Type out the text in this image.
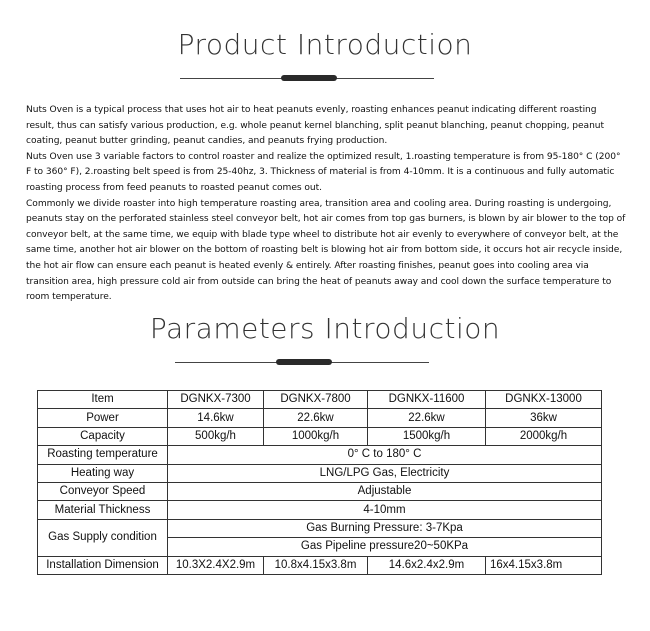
Product Introduction

Nuts Oven is a typical process that uses hot air to heat peanuts evenly, roasting enhances peanut indicating different roasting result, thus can satisfy various production, e.g. whole peanut kernel blanching, split peanut blanching, peanut chopping, peanut coating, peanut butter grinding, peanut candies, and peanuts frying production.

Nuts Oven use 3 variable factors to control roaster and realize the optimized result, 1.roasting temperature is from 95-180° C (200° F to 360° F), 2.roasting belt speed is from 25-40hz, 3. Thickness of material is from 4-10mm. It is a continuous and fully automatic roasting process from feed peanuts to roasted peanut comes out.

Commonly we divide roaster into high temperature roasting area, transition area and cooling area. During roasting is undergoing, peanuts stay on the perforated stainless steel conveyor belt, hot air comes from top gas burners, is blown by air blower to the top of conveyor belt, at the same time, we equip with blade type wheel to distribute hot air evenly to everywhere of conveyor belt, at the same time, another hot air blower on the bottom of roasting belt is blowing hot air from bottom side, it occurs hot air recycle inside, the hot air flow can ensure each peanut is heated evenly & entirely. After roasting finishes, peanut goes into cooling area via transition area, high pressure cold air from outside can bring the heat of peanuts away and cool down the surface temperature to room temperature.

Parameters Introduction
Item	DGNKX-7300	DGNKX-7800	DGNKX-11600	DGNKX-13000
Power	14.6kw	22.6kw	22.6kw	36kw
Capacity	500kg/h	1000kg/h	1500kg/h	2000kg/h
Roasting temperature	0° C to 180° C			
Heating way	LNG/LPG Gas, Electricity			
Conveyor Speed	Adjustable			
Material Thickness	4-10mm			
Gas Supply condition	Gas Burning Pressure: 3-7Kpa			
	Gas Pipeline pressure20~50KPa			
Installation Dimension	10.3X2.4X2.9m	10.8x4.15x3.8m	14.6x2.4x2.9m	16x4.15x3.8m
